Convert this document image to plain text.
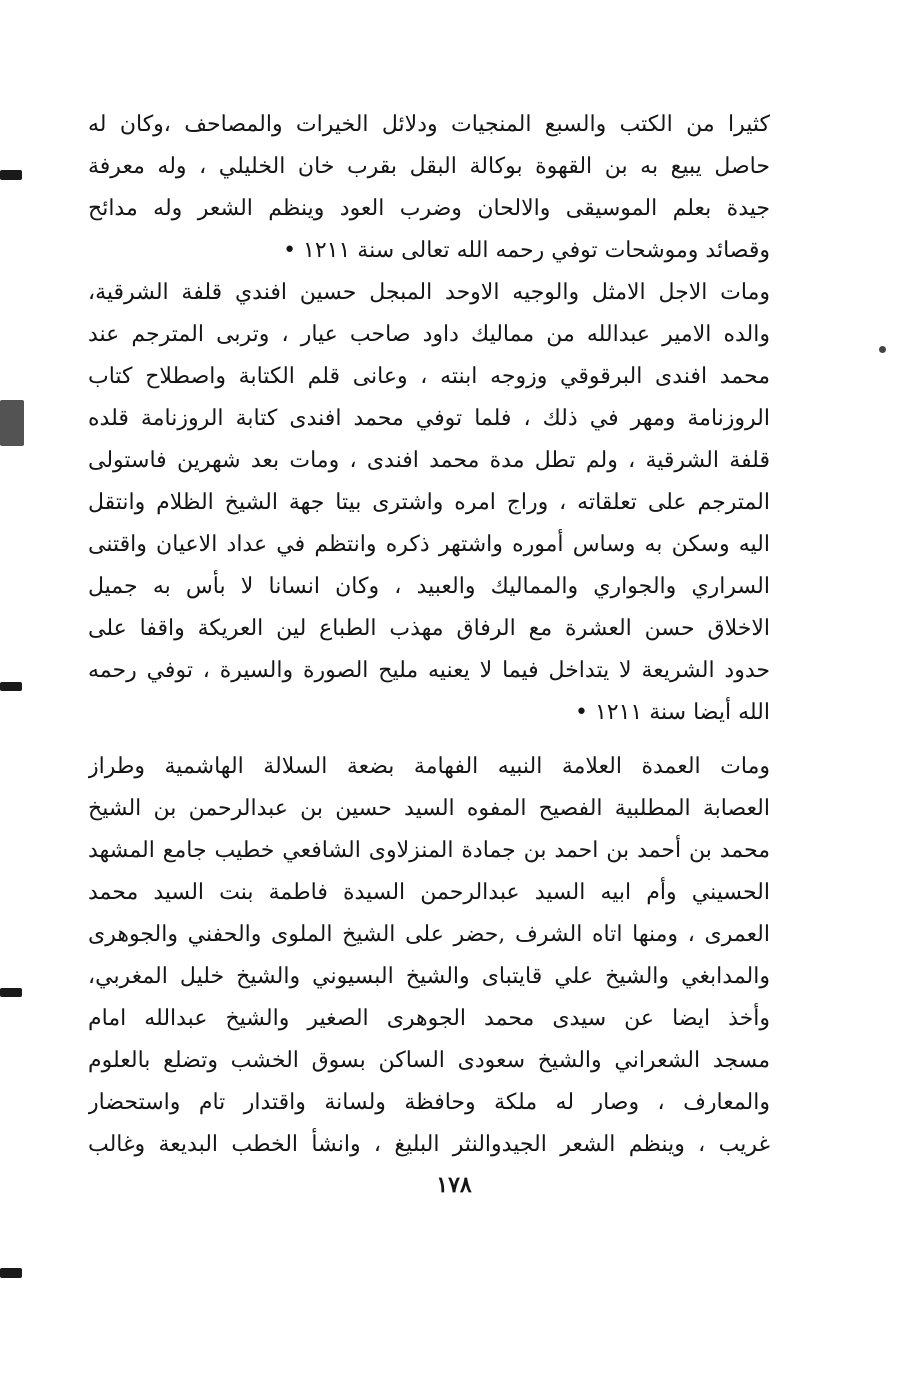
كثيرا من الكتب والسبع المنجيات ودلائل الخيرات والمصاحف ،وكان له
حاصل يبيع به بن القهوة بوكالة البقل بقرب خان الخليلي ، وله معرفة
جيدة بعلم الموسيقى والالحان وضرب العود وينظم الشعر وله مدائح
وقصائد وموشحات توفي رحمه الله تعالى سنة ١٢١١ •
ومات الاجل الامثل والوجيه الاوحد المبجل حسين افندي قلفة الشرقية،
والده الامير عبدالله من مماليك داود صاحب عيار ، وتربى المترجم عند
محمد افندى البرقوقي وزوجه ابنته ، وعانى قلم الكتابة واصطلاح كتاب
الروزنامة ومهر في ذلك ، فلما توفي محمد افندى كتابة الروزنامة قلده
قلفة الشرقية ، ولم تطل مدة محمد افندى ، ومات بعد شهرين فاستولى
المترجم على تعلقاته ، وراج امره واشترى بيتا جهة الشيخ الظلام وانتقل
اليه وسكن به وساس أموره واشتهر ذكره وانتظم في عداد الاعيان واقتنى
السراري والجواري والمماليك والعبيد ، وكان انسانا لا بأس به جميل
الاخلاق حسن العشرة مع الرفاق مهذب الطباع لين العريكة واقفا على
حدود الشريعة لا يتداخل فيما لا يعنيه مليح الصورة والسيرة ، توفي رحمه
الله أيضا سنة ١٢١١ •
ومات العمدة العلامة النبيه الفهامة بضعة السلالة الهاشمية وطراز
العصابة المطلبية الفصيح المفوه السيد حسين بن عبدالرحمن بن الشيخ
محمد بن أحمد بن احمد بن جمادة المنزلاوى الشافعي خطيب جامع المشهد
الحسيني وأم ابيه السيد عبدالرحمن السيدة فاطمة بنت السيد محمد
العمرى ، ومنها اتاه الشرف ,حضر على الشيخ الملوى والحفني والجوهرى
والمدابغي والشيخ علي قايتباى والشيخ البسيوني والشيخ خليل المغربي،
وأخذ ايضا عن سيدى محمد الجوهرى الصغير والشيخ عبدالله امام
مسجد الشعراني والشيخ سعودى الساكن بسوق الخشب وتضلع بالعلوم
والمعارف ، وصار له ملكة وحافظة ولسانة واقتدار تام واستحضار
غريب ، وينظم الشعر الجيدوالنثر البليغ ، وانشأ الخطب البديعة وغالب
١٧٨
